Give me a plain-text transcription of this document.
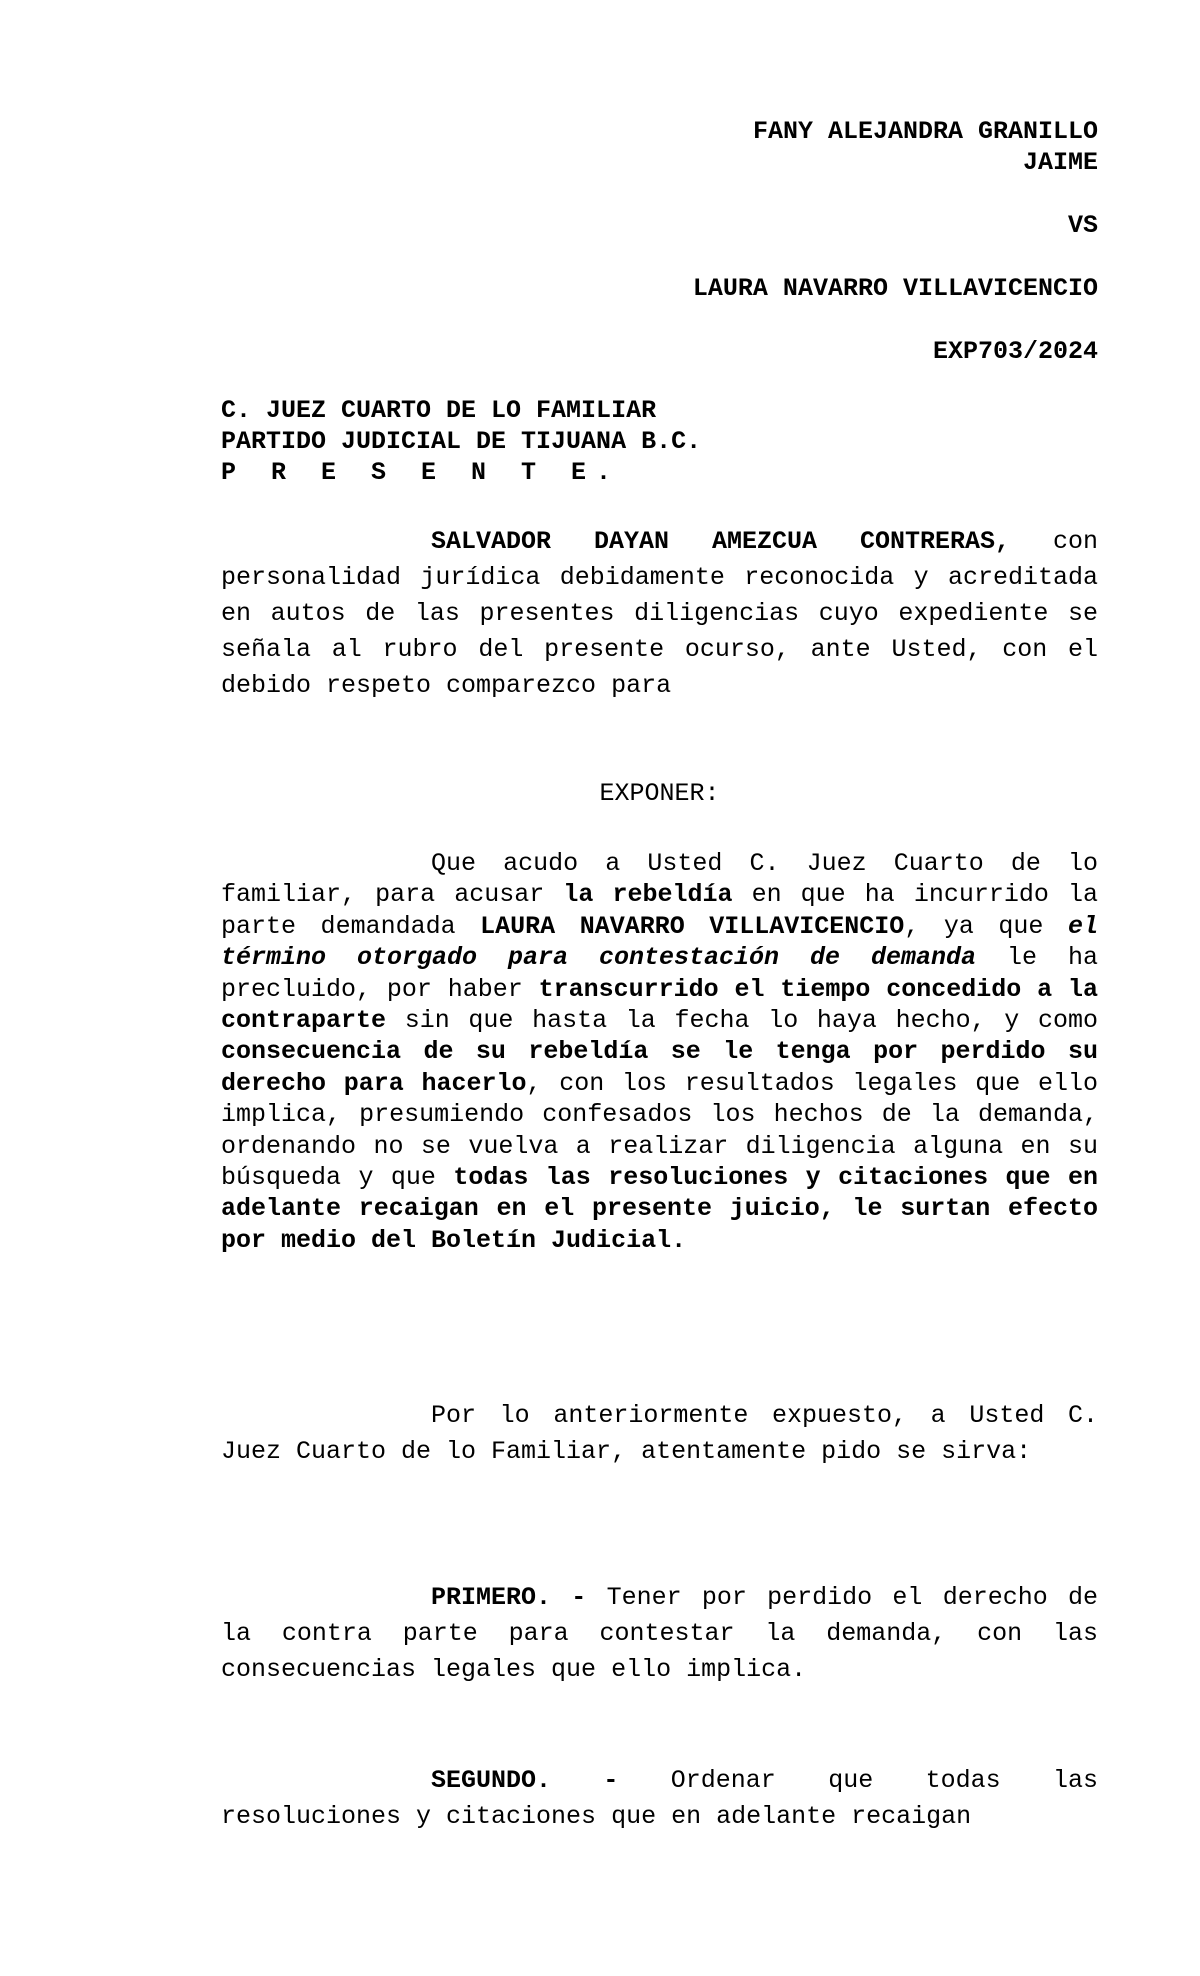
FANY ALEJANDRA GRANILLO
JAIME
VS
LAURA NAVARRO VILLAVICENCIO
EXP703/2024
C. JUEZ CUARTO DE LO FAMILIAR
PARTIDO JUDICIAL DE TIJUANA B.C.
P R E S E N T E.
SALVADOR DAYAN AMEZCUA CONTRERAS, con personalidad jurídica debidamente reconocida y acreditada en autos de las presentes diligencias cuyo expediente se señala al rubro del presente ocurso, ante Usted, con el debido respeto comparezco para
EXPONER:
Que acudo a Usted C. Juez Cuarto de lo familiar, para acusar la rebeldía en que ha incurrido la parte demandada LAURA NAVARRO VILLAVICENCIO, ya que el término otorgado para contestación de demanda le ha precluido, por haber transcurrido el tiempo concedido a la contraparte sin que hasta la fecha lo haya hecho, y como consecuencia de su rebeldía se le tenga por perdido su derecho para hacerlo, con los resultados legales que ello implica, presumiendo confesados los hechos de la demanda, ordenando no se vuelva a realizar diligencia alguna en su búsqueda y que todas las resoluciones y citaciones que en adelante recaigan en el presente juicio, le surtan efecto por medio del Boletín Judicial.
Por lo anteriormente expuesto, a Usted C. Juez Cuarto de lo Familiar, atentamente pido se sirva:
PRIMERO. - Tener por perdido el derecho de la contra parte para contestar la demanda, con las consecuencias legales que ello implica.
SEGUNDO. - Ordenar que todas las resoluciones y citaciones que en adelante recaigan
